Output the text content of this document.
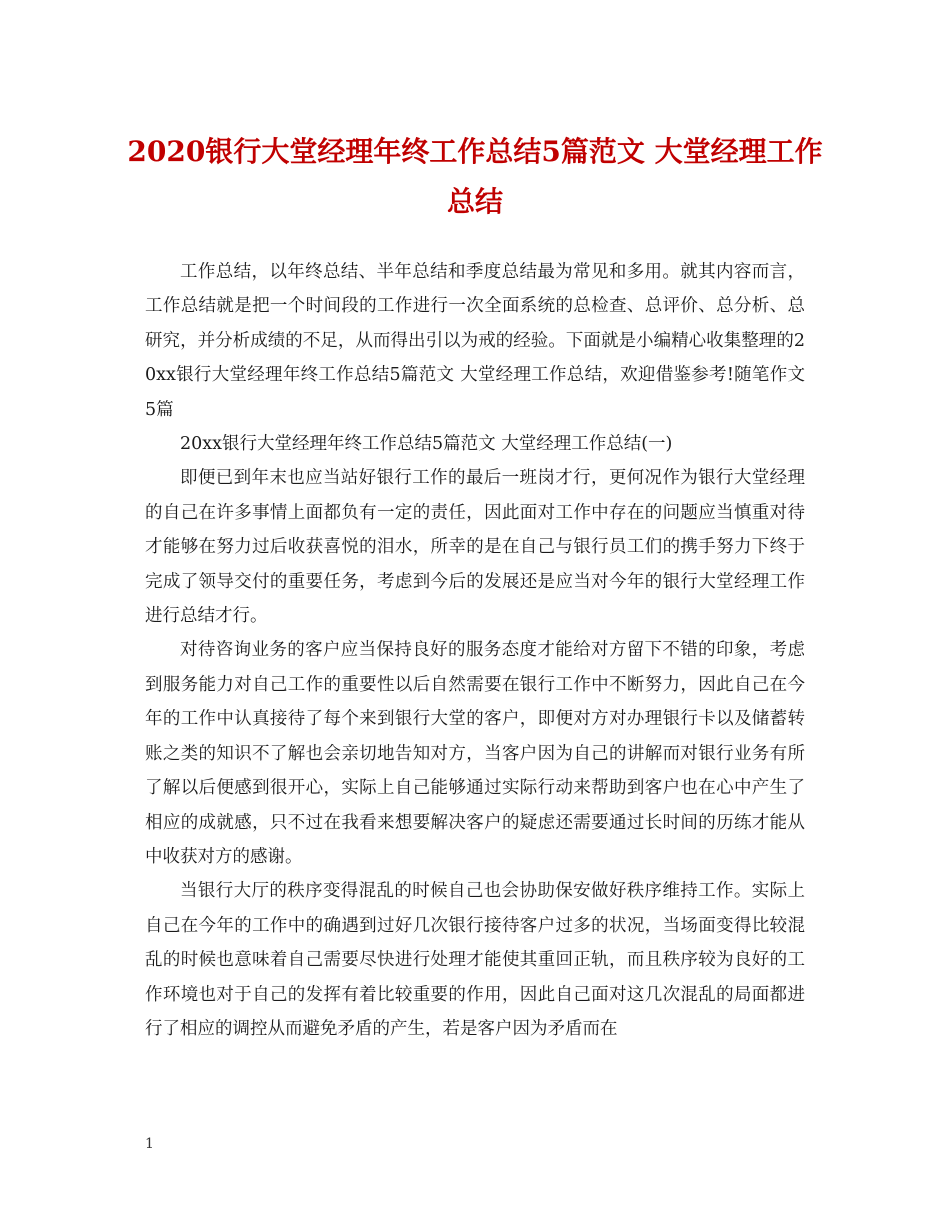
2020银行大堂经理年终工作总结5篇范文 大堂经理工作总结

工作总结，以年终总结、半年总结和季度总结最为常见和多用。就其内容而言，工作总结就是把一个时间段的工作进行一次全面系统的总检查、总评价、总分析、总研究，并分析成绩的不足，从而得出引以为戒的经验。下面就是小编精心收集整理的20xx银行大堂经理年终工作总结5篇范文 大堂经理工作总结，欢迎借鉴参考!随笔作文5篇

20xx银行大堂经理年终工作总结5篇范文 大堂经理工作总结(一)

即便已到年末也应当站好银行工作的最后一班岗才行，更何况作为银行大堂经理的自己在许多事情上面都负有一定的责任，因此面对工作中存在的问题应当慎重对待才能够在努力过后收获喜悦的泪水，所幸的是在自己与银行员工们的携手努力下终于完成了领导交付的重要任务，考虑到今后的发展还是应当对今年的银行大堂经理工作进行总结才行。

对待咨询业务的客户应当保持良好的服务态度才能给对方留下不错的印象，考虑到服务能力对自己工作的重要性以后自然需要在银行工作中不断努力，因此自己在今年的工作中认真接待了每个来到银行大堂的客户，即便对方对办理银行卡以及储蓄转账之类的知识不了解也会亲切地告知对方，当客户因为自己的讲解而对银行业务有所了解以后便感到很开心，实际上自己能够通过实际行动来帮助到客户也在心中产生了相应的成就感，只不过在我看来想要解决客户的疑虑还需要通过长时间的历练才能从中收获对方的感谢。

当银行大厅的秩序变得混乱的时候自己也会协助保安做好秩序维持工作。实际上自己在今年的工作中的确遇到过好几次银行接待客户过多的状况，当场面变得比较混乱的时候也意味着自己需要尽快进行处理才能使其重回正轨，而且秩序较为良好的工作环境也对于自己的发挥有着比较重要的作用，因此自己面对这几次混乱的局面都进行了相应的调控从而避免矛盾的产生，若是客户因为矛盾而在

1
